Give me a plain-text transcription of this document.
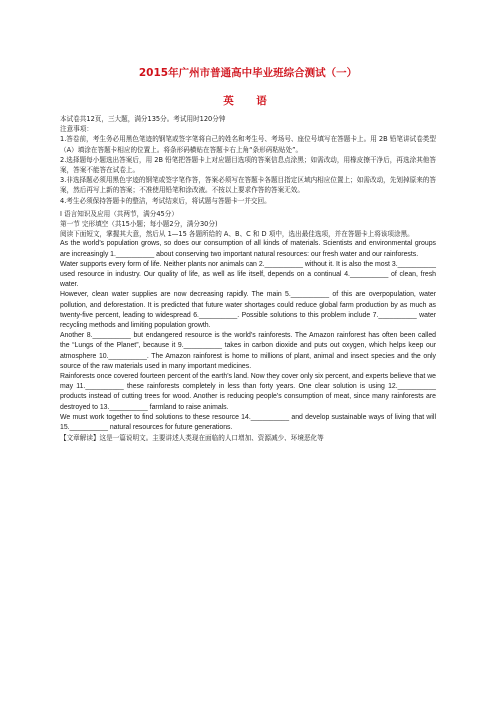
2015年广州市普通高中毕业班综合测试（一）
英　语

本试卷共12页，三大题，满分135分。考试用时120分钟

注意事项：

1.答卷前，考生务必用黑色笔迹的钢笔或签字笔将自己的姓名和考生号、考场号、座位号填写在答题卡上。用 2B 铅笔讲试卷类型（A）填涂在答题卡相应的位置上。将条形码横贴在答题卡右上角“条形码粘贴处”。

2.选择题每小题选出答案后，用 2B 铅笔把答题卡上对应题目选项的答案信息点涂黑；如需改动，用橡皮擦干净后，再选涂其他答案，答案不能答在试卷上。

3.非选择题必须用黑色字迹的钢笔或签字笔作答，答案必须写在答题卡各题目指定区域内相应位置上；如需改动，先划掉原来的答案，然后再写上新的答案；不准使用铅笔和涂改液。不按以上要求作答的答案无效。

4.考生必须保持答题卡的整洁，考试结束后，将试题与答题卡一并交回。

Ⅰ 语言知识及应用（共两节，满分45分）

第一节 完形填空（共15小题；每小题2分，满分30分)

阅读下面短文，掌握其大意，然后从 1—15 各题所给的 A、B、C 和 D 项中，选出最佳选项，并在答题卡上将该项涂黑。

As the world’s population grows, so does our consumption of all kinds of materials. Scientists and environmental groups are increasingly 1.__________ about conserving two important natural resources: our fresh water and our rainforests.

Water supports every form of life. Neither plants nor animals can 2.__________ without it. It is also the most 3.__________ used resource in industry. Our quality of life, as well as life itself, depends on a continual 4.__________ of clean, fresh water.

However, clean water supplies are now decreasing rapidly. The main 5.__________ of this are overpopulation, water pollution, and deforestation. It is predicted that future water shortages could reduce global farm production by as much as twenty-five percent, leading to widespread 6.__________. Possible solutions to this problem include 7.__________ water recycling methods and limiting population growth.

Another 8.__________ but endangered resource is the world’s rainforests. The Amazon rainforest has often been called the “Lungs of the Planet”, because it 9.__________ takes in carbon dioxide and puts out oxygen, which helps keep our atmosphere 10.__________. The Amazon rainforest is home to millions of plant, animal and insect species and the only source of the raw materials used in many important medicines.

Rainforests once covered fourteen percent of the earth’s land. Now they cover only six percent, and experts believe that we may 11.__________ these rainforests completely in less than forty years. One clear solution is using 12.__________ products instead of cutting trees for wood. Another is reducing people’s consumption of meat, since many rainforests are destroyed to 13.__________ farmland to raise animals.

We must work together to find solutions to these resource 14.__________ and develop sustainable ways of living that will 15.__________ natural resources for future generations.

【文章解读】这是一篇说明文。主要讲述人类现在面临的人口增加、资源减少、环境恶化等
